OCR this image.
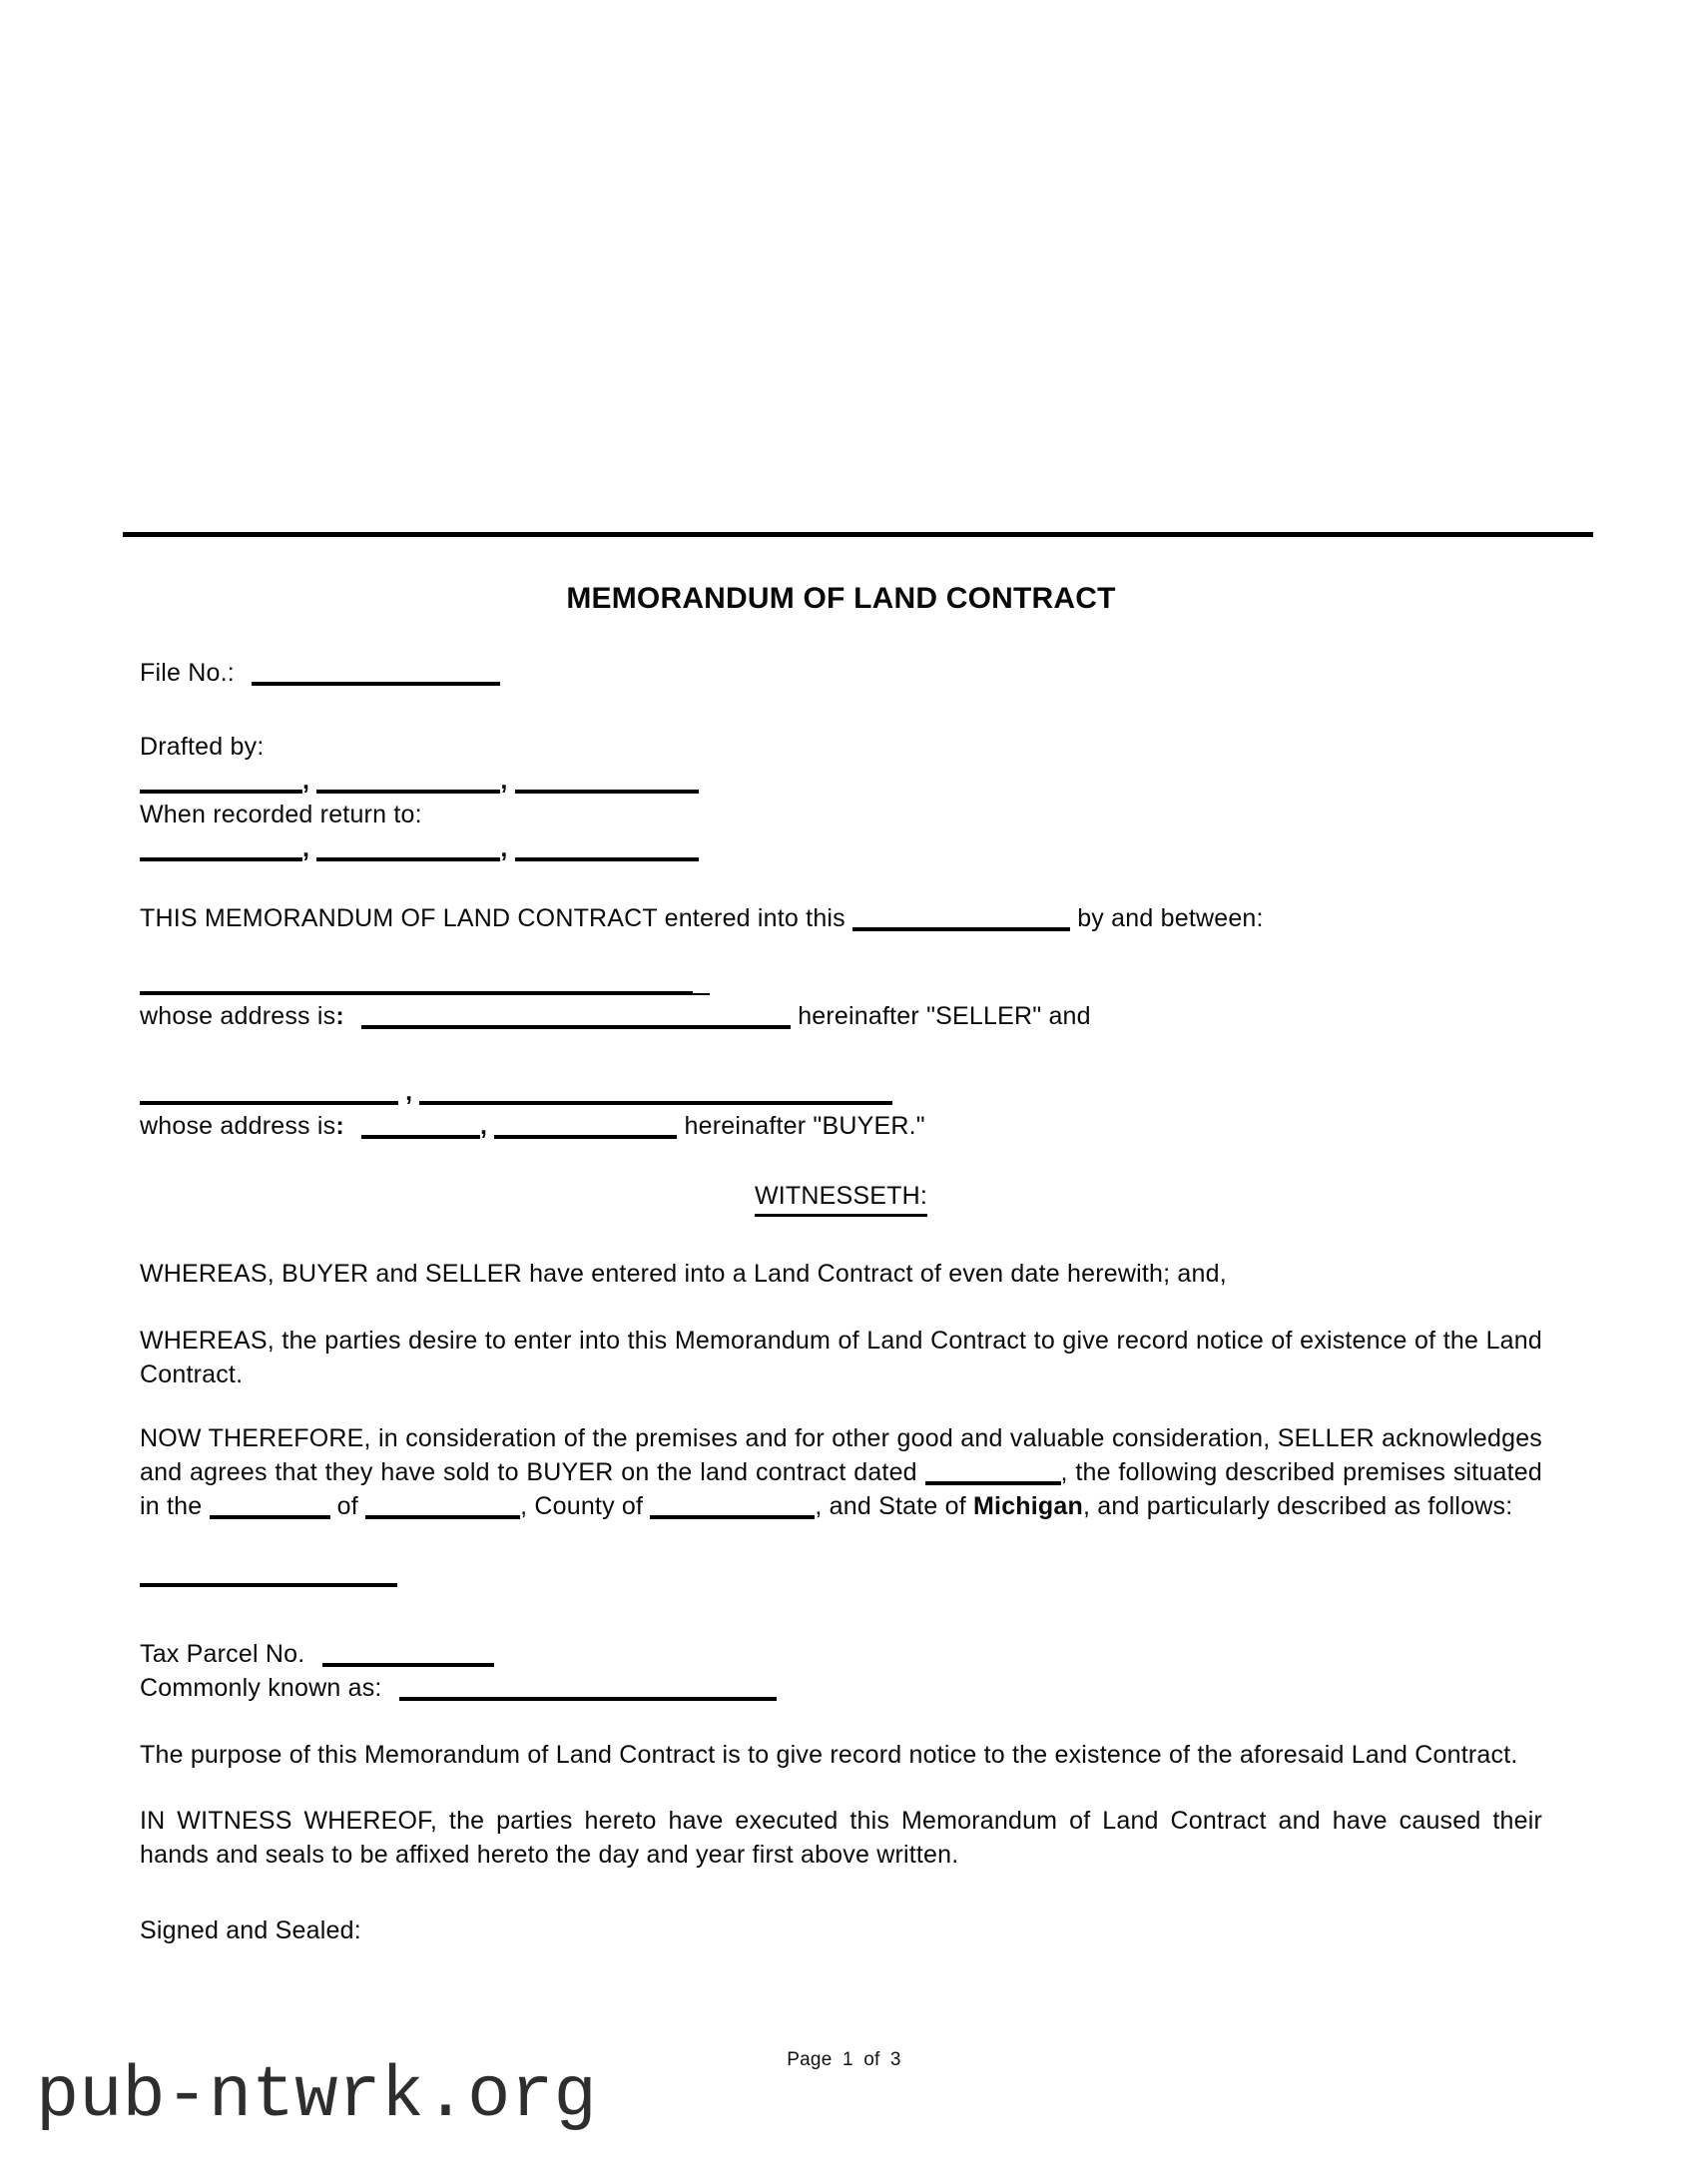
MEMORANDUM OF LAND CONTRACT
File No.:
Drafted by:
,	,
When recorded return to:
,	,
THIS MEMORANDUM OF LAND CONTRACT entered into this	by and between:
whose address is:	hereinafter "SELLER" and
,
whose address is:	,	hereinafter "BUYER."
WITNESSETH:

WHEREAS, BUYER and SELLER have entered into a Land Contract of even date herewith; and,

WHEREAS, the parties desire to enter into this Memorandum of Land Contract to give record notice of existence of the Land Contract.

NOW THEREFORE, in consideration of the premises and for other good and valuable consideration, SELLER acknowledges and agrees that they have sold to BUYER on the land contract dated	, the following described premises situated in the	of	, County of	, and State of Michigan, and particularly described as follows:

Tax Parcel No.
Commonly known as:

The purpose of this Memorandum of Land Contract is to give record notice to the existence of the aforesaid Land Contract.

IN WITNESS WHEREOF, the parties hereto have executed this Memorandum of Land Contract and have caused their hands and seals to be affixed hereto the day and year first above written.

Signed and Sealed:
Page 1 of 3
pub-ntwrk.org
